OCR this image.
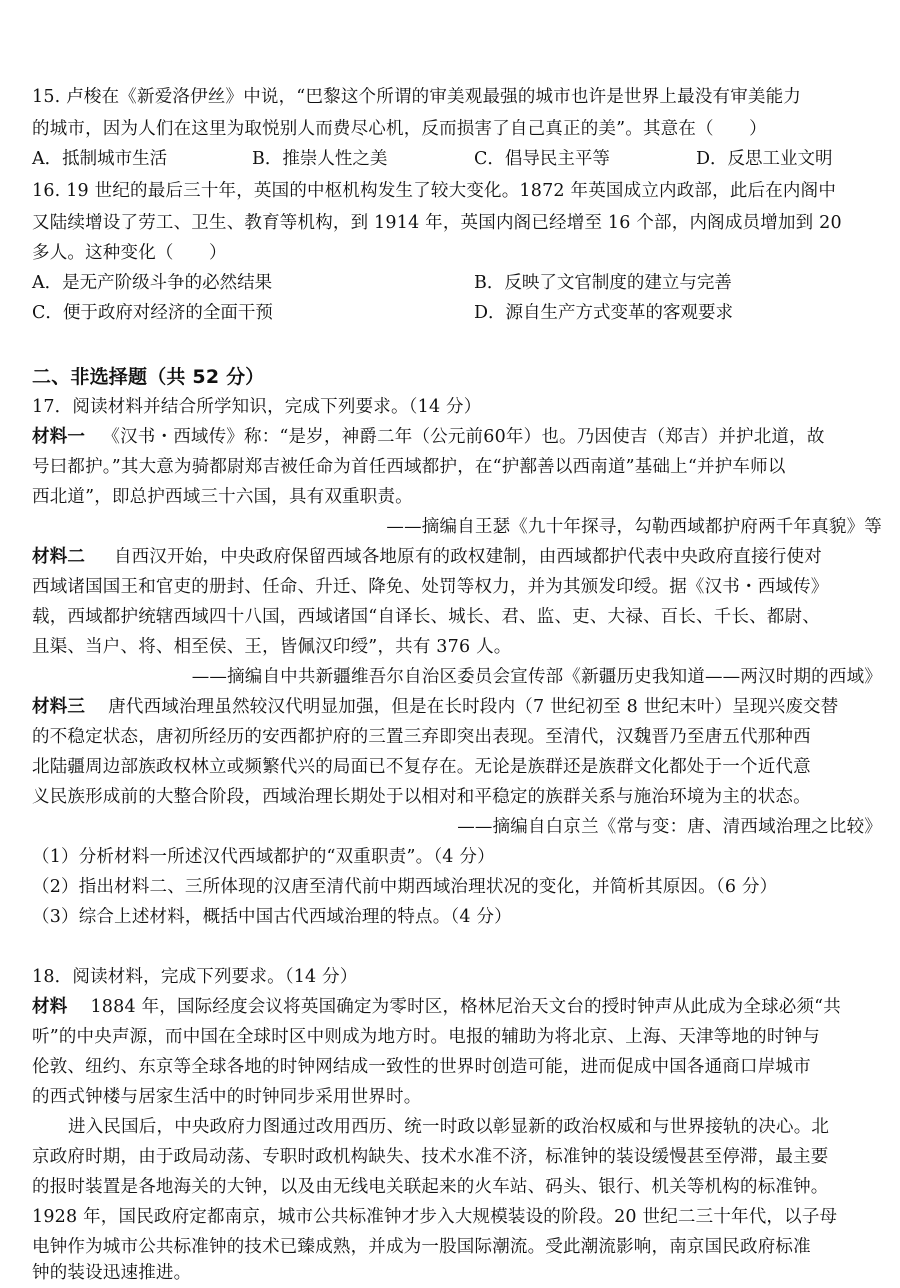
15. 卢梭在《新爱洛伊丝》中说，“巴黎这个所谓的审美观最强的城市也许是世界上最没有审美能力
的城市，因为人们在这里为取悦别人而费尽心机，反而损害了自己真正的美”。其意在（　　）
A．抵制城市生活	B．推崇人性之美	C．倡导民主平等	D．反思工业文明
16. 19 世纪的最后三十年，英国的中枢机构发生了较大变化。1872 年英国成立内政部，此后在内阁中
又陆续增设了劳工、卫生、教育等机构，到 1914 年，英国内阁已经增至 16 个部，内阁成员增加到 20
多人。这种变化（　　）
A．是无产阶级斗争的必然结果	B．反映了文官制度的建立与完善
C．便于政府对经济的全面干预	D．源自生产方式变革的客观要求
二、非选择题（共 52 分）
17．阅读材料并结合所学知识，完成下列要求。（14 分）
材料一 《汉书・西域传》称：“是岁，神爵二年（公元前60年）也。乃因使吉（郑吉）并护北道，故
号曰都护。”其大意为骑都尉郑吉被任命为首任西域都护，在“护鄯善以西南道”基础上“并护车师以
西北道”，即总护西域三十六国，具有双重职责。
——摘编自王瑟《九十年探寻，勾勒西域都护府两千年真貌》等
材料二 自西汉开始，中央政府保留西域各地原有的政权建制，由西域都护代表中央政府直接行使对
西域诸国国王和官吏的册封、任命、升迁、降免、处罚等权力，并为其颁发印绶。据《汉书・西域传》
载，西域都护统辖西域四十八国，西域诸国“自译长、城长、君、监、吏、大禄、百长、千长、都尉、
且渠、当户、将、相至侯、王，皆佩汉印绶”，共有 376 人。
——摘编自中共新疆维吾尔自治区委员会宣传部《新疆历史我知道——两汉时期的西域》
材料三 唐代西域治理虽然较汉代明显加强，但是在长时段内（7 世纪初至 8 世纪末叶）呈现兴废交替
的不稳定状态，唐初所经历的安西都护府的三置三弃即突出表现。至清代，汉魏晋乃至唐五代那种西
北陆疆周边部族政权林立或频繁代兴的局面已不复存在。无论是族群还是族群文化都处于一个近代意
义民族形成前的大整合阶段，西域治理长期处于以相对和平稳定的族群关系与施治环境为主的状态。
——摘编自白京兰《常与变：唐、清西域治理之比较》
（1）分析材料一所述汉代西域都护的“双重职责”。（4 分）
（2）指出材料二、三所体现的汉唐至清代前中期西域治理状况的变化，并简析其原因。（6 分）
（3）综合上述材料，概括中国古代西域治理的特点。（4 分）
18．阅读材料，完成下列要求。（14 分）
材料 1884 年，国际经度会议将英国确定为零时区，格林尼治天文台的授时钟声从此成为全球必须“共
听”的中央声源，而中国在全球时区中则成为地方时。电报的辅助为将北京、上海、天津等地的时钟与
伦敦、纽约、东京等全球各地的时钟网结成一致性的世界时创造可能，进而促成中国各通商口岸城市
的西式钟楼与居家生活中的时钟同步采用世界时。
进入民国后，中央政府力图通过改用西历、统一时政以彰显新的政治权威和与世界接轨的决心。北
京政府时期，由于政局动荡、专职时政机构缺失、技术水准不济，标准钟的装设缓慢甚至停滞，最主要
的报时装置是各地海关的大钟，以及由无线电关联起来的火车站、码头、银行、机关等机构的标准钟。
1928 年，国民政府定都南京，城市公共标准钟才步入大规模装设的阶段。20 世纪二三十年代，以子母
电钟作为城市公共标准钟的技术已臻成熟，并成为一股国际潮流。受此潮流影响，南京国民政府标准
钟的装设迅速推进。
